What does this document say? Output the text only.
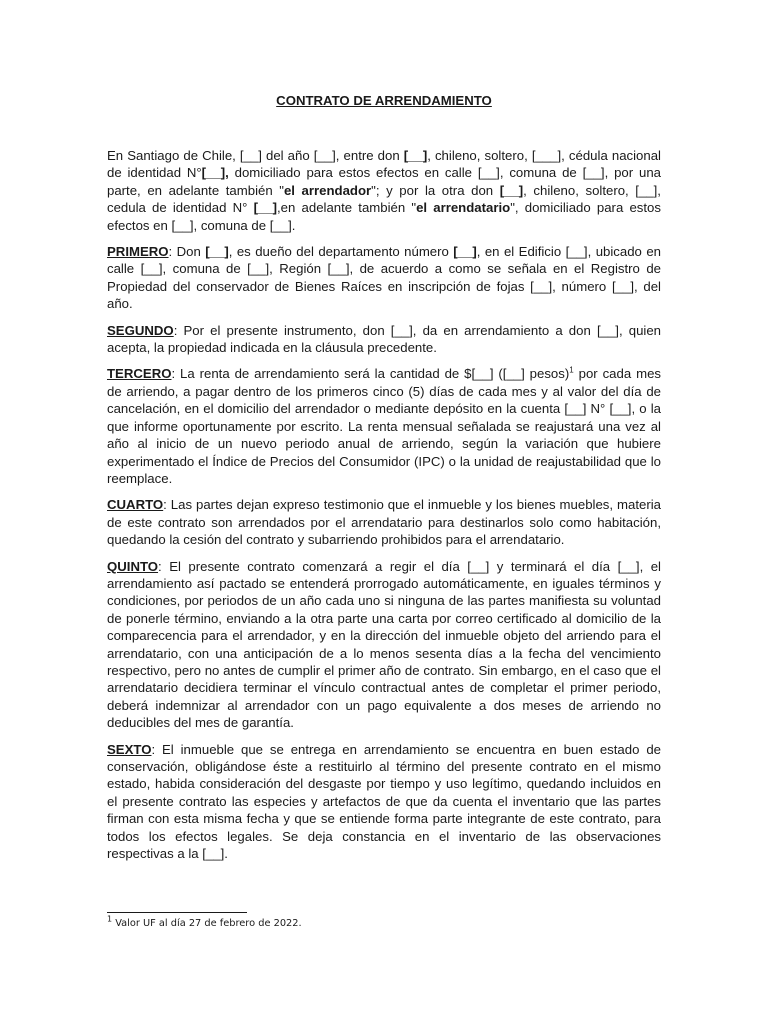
CONTRATO DE ARRENDAMIENTO

En Santiago de Chile, [__] del año [__], entre don [__], chileno, soltero, [___], cédula nacional de identidad N°[__], domiciliado para estos efectos en calle [__], comuna de [__], por una parte, en adelante también "el arrendador"; y por la otra don [__], chileno, soltero, [__], cedula de identidad N° [__],en adelante también "el arrendatario", domiciliado para estos efectos en [__], comuna de [__].

PRIMERO: Don [__], es dueño del departamento número [__], en el Edificio [__], ubicado en calle [__], comuna de [__], Región [__], de acuerdo a como se señala en el Registro de Propiedad del conservador de Bienes Raíces en inscripción de fojas [__], número [__], del año.

SEGUNDO: Por el presente instrumento, don [__], da en arrendamiento a don [__], quien acepta, la propiedad indicada en la cláusula precedente.

TERCERO: La renta de arrendamiento será la cantidad de $[__] ([__] pesos)$^1$ por cada mes de arriendo, a pagar dentro de los primeros cinco (5) días de cada mes y al valor del día de cancelación, en el domicilio del arrendador o mediante depósito en la cuenta [__] N° [__], o la que informe oportunamente por escrito. La renta mensual señalada se reajustará una vez al año al inicio de un nuevo periodo anual de arriendo, según la variación que hubiere experimentado el Índice de Precios del Consumidor (IPC) o la unidad de reajustabilidad que lo reemplace.

CUARTO: Las partes dejan expreso testimonio que el inmueble y los bienes muebles, materia de este contrato son arrendados por el arrendatario para destinarlos solo como habitación, quedando la cesión del contrato y subarriendo prohibidos para el arrendatario.

QUINTO: El presente contrato comenzará a regir el día [__] y terminará el día [__], el arrendamiento así pactado se entenderá prorrogado automáticamente, en iguales términos y condiciones, por periodos de un año cada uno si ninguna de las partes manifiesta su voluntad de ponerle término, enviando a la otra parte una carta por correo certificado al domicilio de la comparecencia para el arrendador, y en la dirección del inmueble objeto del arriendo para el arrendatario, con una anticipación de a lo menos sesenta días a la fecha del vencimiento respectivo, pero no antes de cumplir el primer año de contrato. Sin embargo, en el caso que el arrendatario decidiera terminar el vínculo contractual antes de completar el primer periodo, deberá indemnizar al arrendador con un pago equivalente a dos meses de arriendo no deducibles del mes de garantía.

SEXTO: El inmueble que se entrega en arrendamiento se encuentra en buen estado de conservación, obligándose éste a restituirlo al término del presente contrato en el mismo estado, habida consideración del desgaste por tiempo y uso legítimo, quedando incluidos en el presente contrato las especies y artefactos de que da cuenta el inventario que las partes firman con esta misma fecha y que se entiende forma parte integrante de este contrato, para todos los efectos legales. Se deja constancia en el inventario de las observaciones respectivas a la [__].

$^1$ Valor UF al día 27 de febrero de 2022.
